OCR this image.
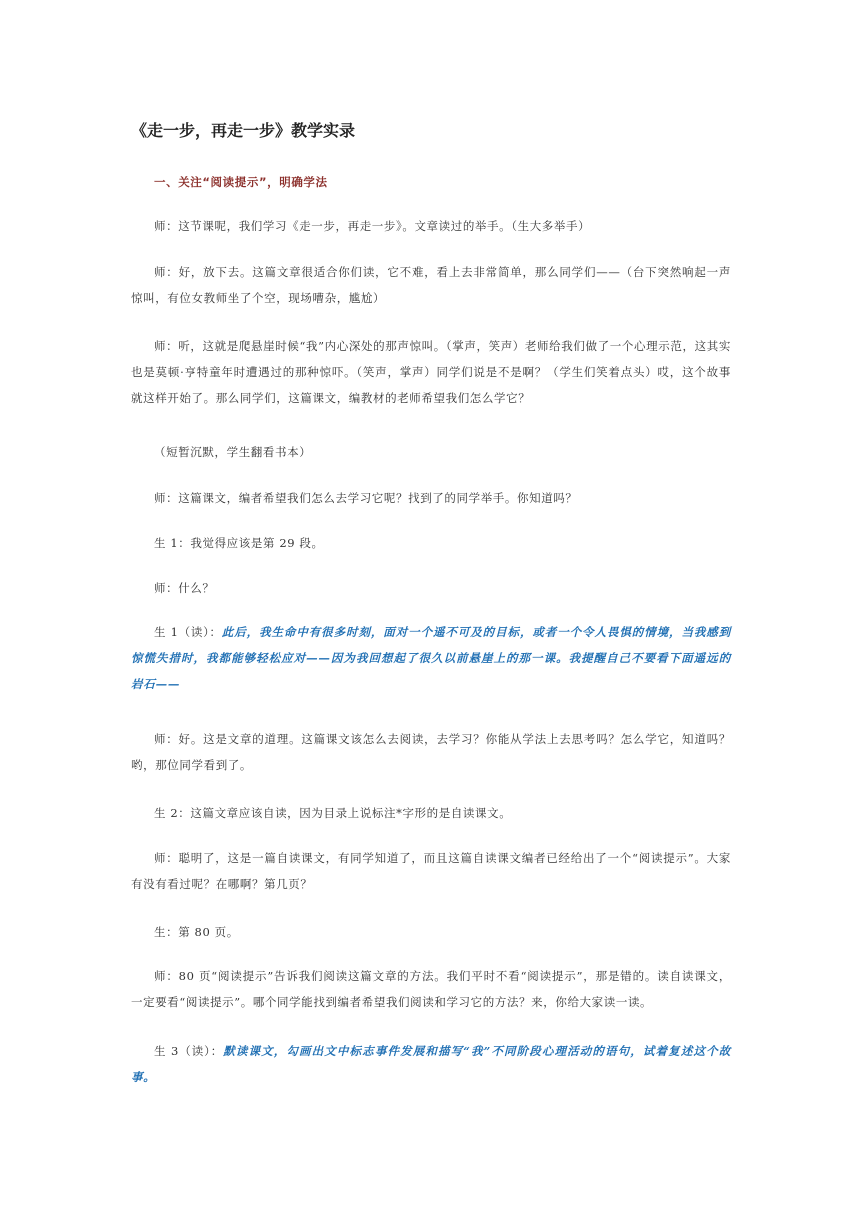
《走一步，再走一步》教学实录

一、关注“阅读提示”，明确学法

师：这节课呢，我们学习《走一步，再走一步》。文章读过的举手。（生大多举手）

师：好，放下去。这篇文章很适合你们读，它不难，看上去非常简单，那么同学们——（台下突然响起一声惊叫，有位女教师坐了个空，现场嘈杂，尴尬）

师：听，这就是爬悬崖时候“我”内心深处的那声惊叫。（掌声，笑声）老师给我们做了一个心理示范，这其实也是莫顿·亨特童年时遭遇过的那种惊吓。（笑声，掌声）同学们说是不是啊？（学生们笑着点头）哎，这个故事就这样开始了。那么同学们，这篇课文，编教材的老师希望我们怎么学它？

（短暂沉默，学生翻看书本）

师：这篇课文，编者希望我们怎么去学习它呢？找到了的同学举手。你知道吗？

生 1：我觉得应该是第 29 段。

师：什么？

生 1（读）：此后，我生命中有很多时刻，面对一个遥不可及的目标，或者一个令人畏惧的情境，当我感到惊慌失措时，我都能够轻松应对——因为我回想起了很久以前悬崖上的那一课。我提醒自己不要看下面遥远的岩石——

师：好。这是文章的道理。这篇课文该怎么去阅读，去学习？你能从学法上去思考吗？怎么学它，知道吗？哟，那位同学看到了。

生 2：这篇文章应该自读，因为目录上说标注*字形的是自读课文。

师：聪明了，这是一篇自读课文，有同学知道了，而且这篇自读课文编者已经给出了一个“阅读提示”。大家有没有看过呢？在哪啊？第几页？

生：第 80 页。

师：80 页“阅读提示”告诉我们阅读这篇文章的方法。我们平时不看“阅读提示”，那是错的。读自读课文，一定要看“阅读提示”。哪个同学能找到编者希望我们阅读和学习它的方法？来，你给大家读一读。

生 3（读）：默读课文，勾画出文中标志事件发展和描写“我”不同阶段心理活动的语句，试着复述这个故事。
